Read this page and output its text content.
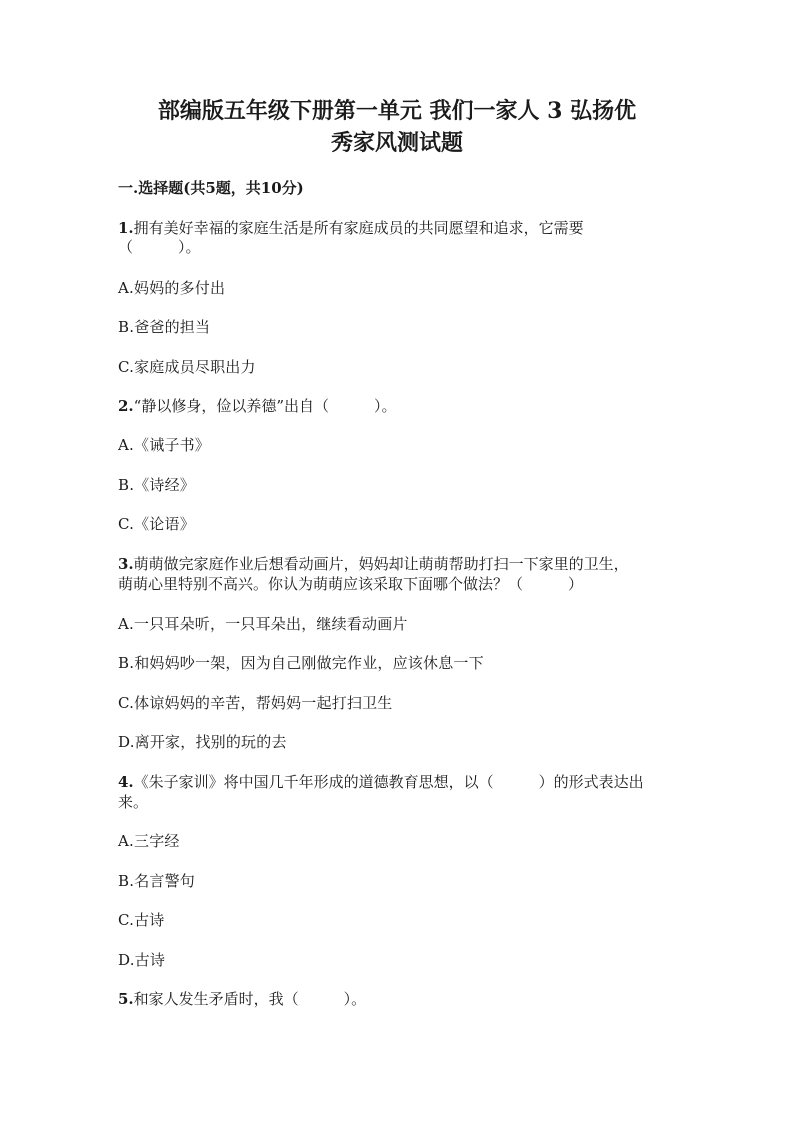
部编版五年级下册第一单元 我们一家人 3 弘扬优
秀家风测试题
一.选择题(共5题，共10分)
1.拥有美好幸福的家庭生活是所有家庭成员的共同愿望和追求，它需要
（　　　）。
A.妈妈的多付出
B.爸爸的担当
C.家庭成员尽职出力
2.“静以修身，俭以养德”出自（　　　）。
A.《诫子书》
B.《诗经》
C.《论语》
3.萌萌做完家庭作业后想看动画片，妈妈却让萌萌帮助打扫一下家里的卫生，
萌萌心里特别不高兴。你认为萌萌应该采取下面哪个做法？（　　　）
A.一只耳朵听，一只耳朵出，继续看动画片
B.和妈妈吵一架，因为自己刚做完作业，应该休息一下
C.体谅妈妈的辛苦，帮妈妈一起打扫卫生
D.离开家，找别的玩的去
4.《朱子家训》将中国几千年形成的道德教育思想，以（　　　）的形式表达出
来。
A.三字经
B.名言警句
C.古诗
D.古诗
5.和家人发生矛盾时，我（　　　）。
